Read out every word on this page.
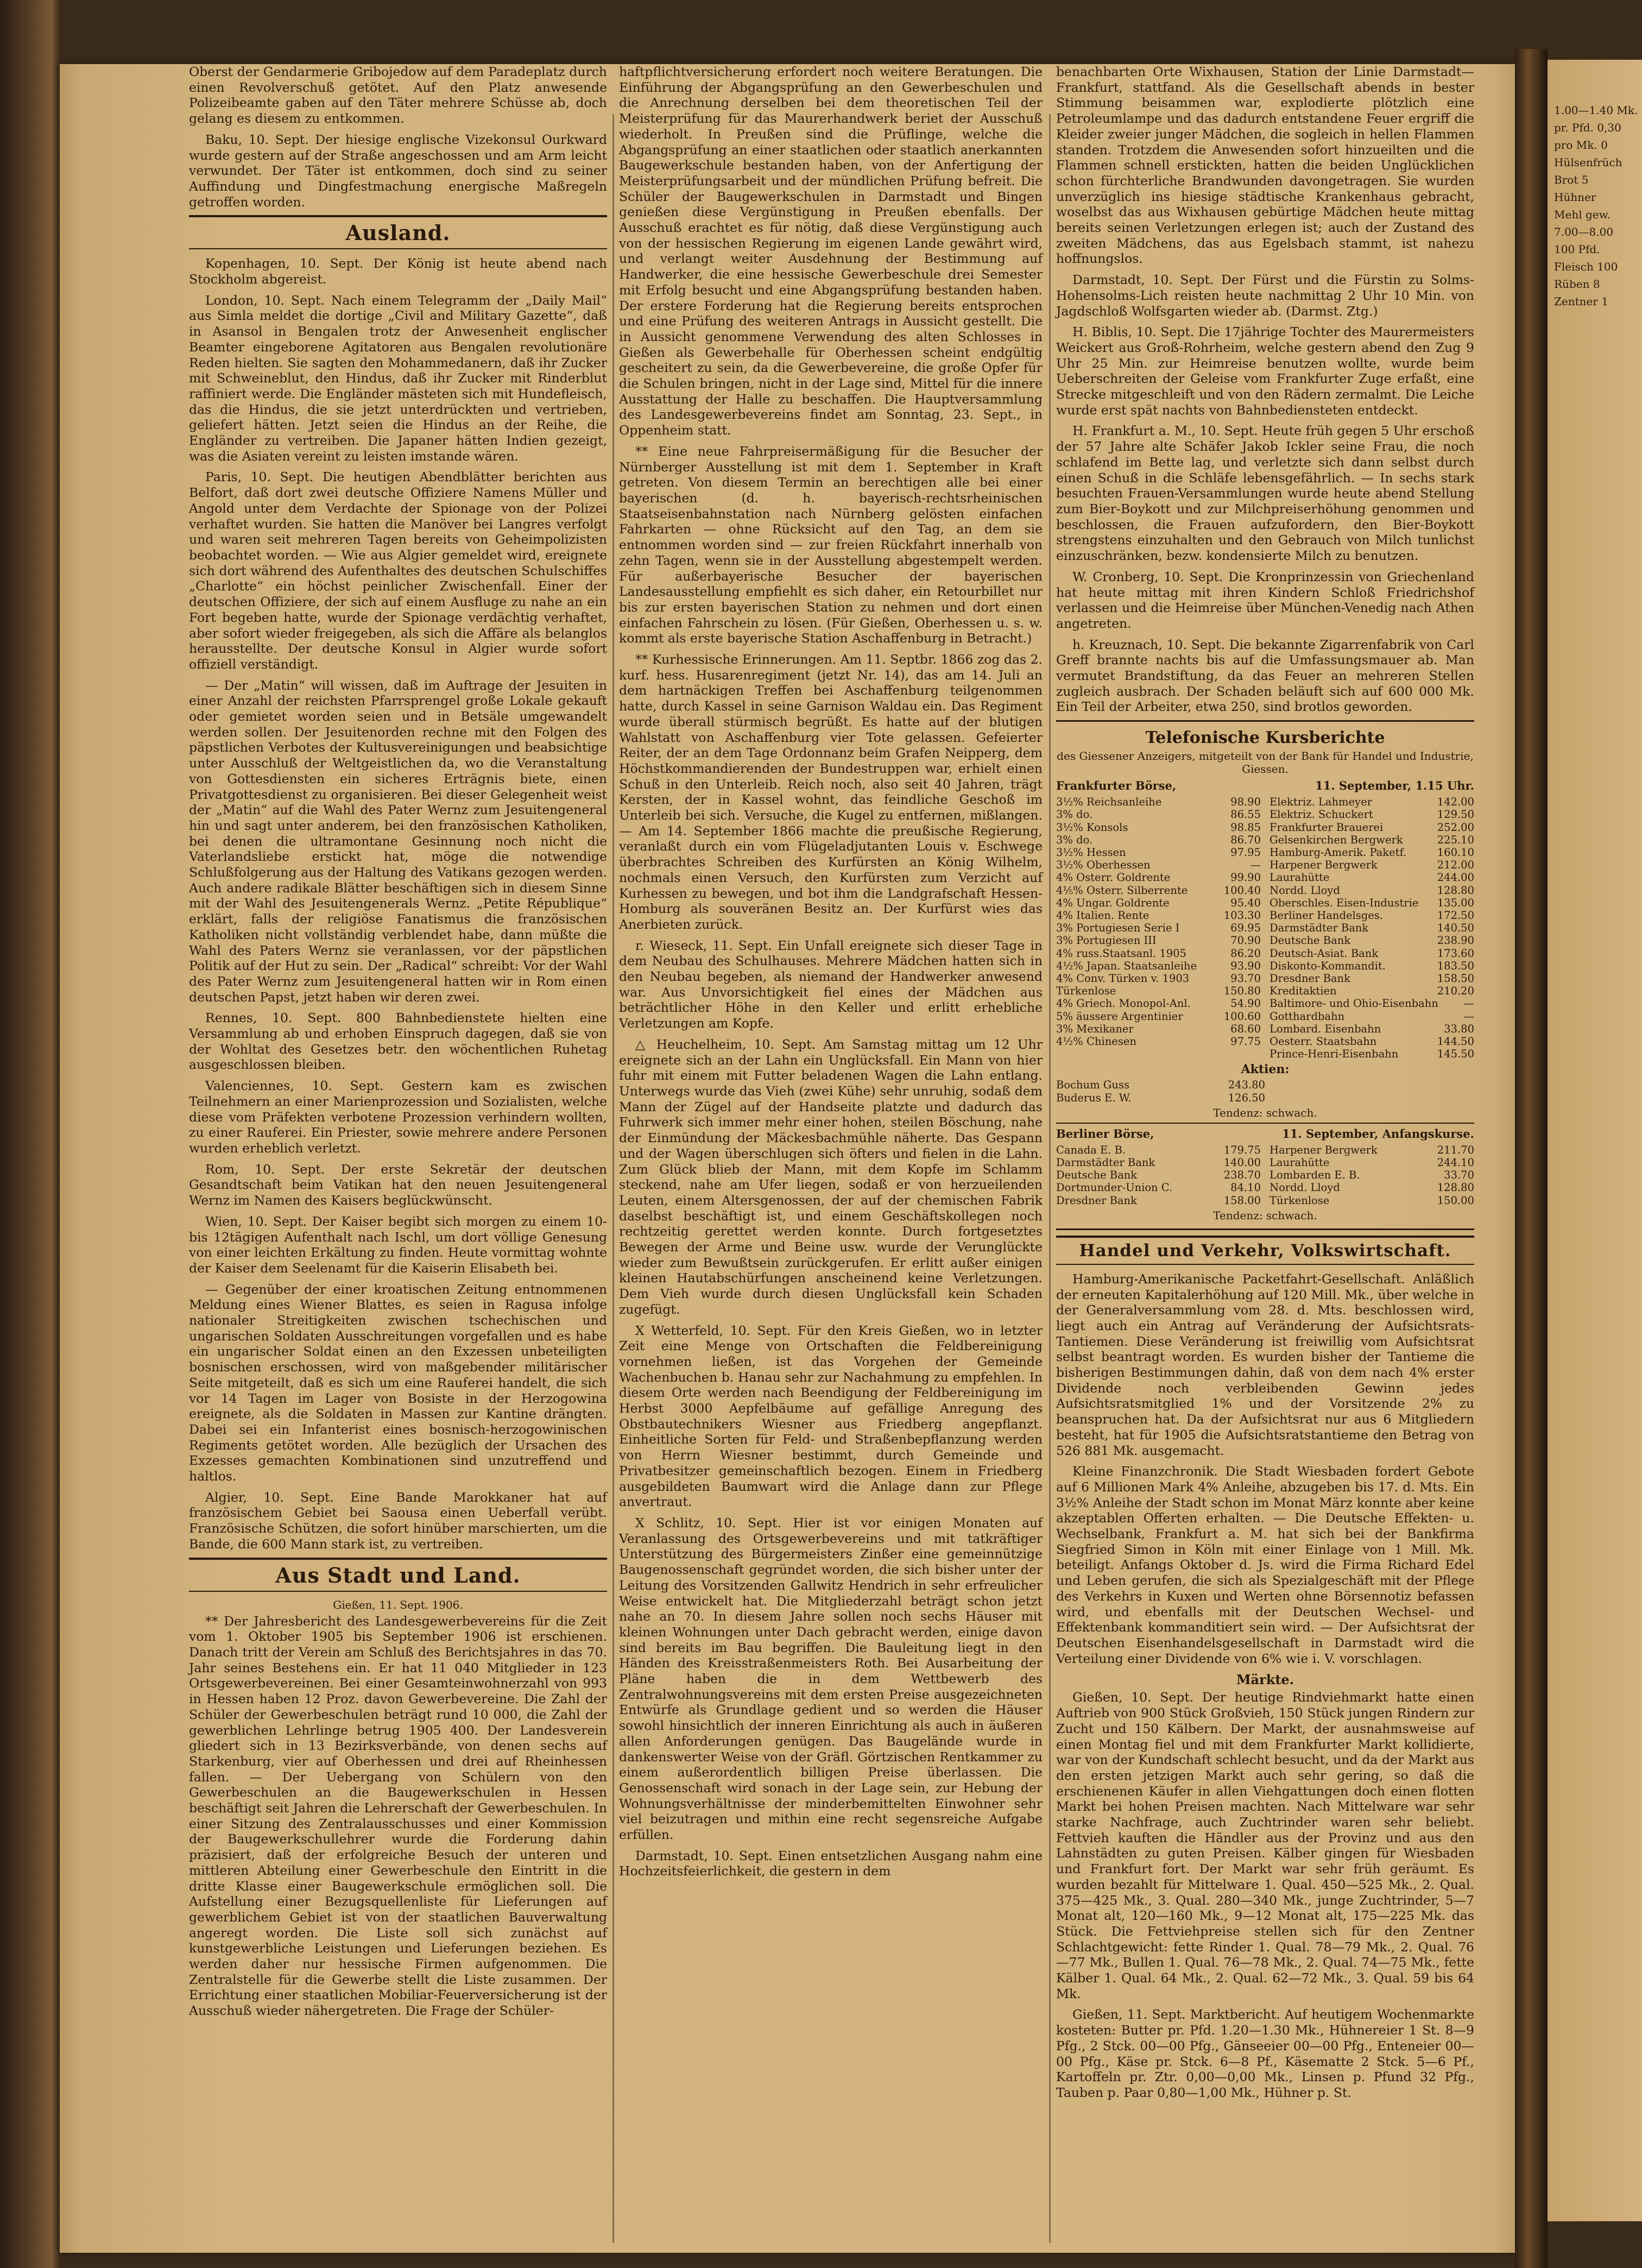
1.00—1.40 Mk.
pr. Pfd. 0,30
pro Mk. 0
Hülsenfrüch
Brot 5
Hühner
Mehl gew.
7.00—8.00
100 Pfd.
Fleisch 100
Rüben 8
Zentner 1
Oberst der Gendarmerie Gribojedow auf dem Paradeplatz durch einen Revolverschuß getötet. Auf den Platz anwesende Polizeibeamte gaben auf den Täter mehrere Schüsse ab, doch gelang es diesem zu entkommen.

Baku, 10. Sept. Der hiesige englische Vizekonsul Ourkward wurde gestern auf der Straße angeschossen und am Arm leicht verwundet. Der Täter ist entkommen, doch sind zu seiner Auffindung und Dingfestmachung energische Maßregeln getroffen worden.

Ausland.

Kopenhagen, 10. Sept. Der König ist heute abend nach Stockholm abgereist.

London, 10. Sept. Nach einem Telegramm der „Daily Mail“ aus Simla meldet die dortige „Civil and Military Gazette“, daß in Asansol in Bengalen trotz der Anwesenheit englischer Beamter eingeborene Agitatoren aus Bengalen revolutionäre Reden hielten. Sie sagten den Mohammedanern, daß ihr Zucker mit Schweineblut, den Hindus, daß ihr Zucker mit Rinderblut raffiniert werde. Die Engländer mästeten sich mit Hundefleisch, das die Hindus, die sie jetzt unterdrückten und vertrieben, geliefert hätten. Jetzt seien die Hindus an der Reihe, die Engländer zu vertreiben. Die Japaner hätten Indien gezeigt, was die Asiaten vereint zu leisten imstande wären.

Paris, 10. Sept. Die heutigen Abendblätter berichten aus Belfort, daß dort zwei deutsche Offiziere Namens Müller und Angold unter dem Verdachte der Spionage von der Polizei verhaftet wurden. Sie hatten die Manöver bei Langres verfolgt und waren seit mehreren Tagen bereits von Geheimpolizisten beobachtet worden. — Wie aus Algier gemeldet wird, ereignete sich dort während des Aufenthaltes des deutschen Schulschiffes „Charlotte“ ein höchst peinlicher Zwischenfall. Einer der deutschen Offiziere, der sich auf einem Ausfluge zu nahe an ein Fort begeben hatte, wurde der Spionage verdächtig verhaftet, aber sofort wieder freigegeben, als sich die Affäre als belanglos herausstellte. Der deutsche Konsul in Algier wurde sofort offiziell verständigt.

— Der „Matin“ will wissen, daß im Auftrage der Jesuiten in einer Anzahl der reichsten Pfarrsprengel große Lokale gekauft oder gemietet worden seien und in Betsäle umgewandelt werden sollen. Der Jesuitenorden rechne mit den Folgen des päpstlichen Verbotes der Kultusvereinigungen und beabsichtige unter Ausschluß der Weltgeistlichen da, wo die Veranstaltung von Gottesdiensten ein sicheres Erträgnis biete, einen Privatgottesdienst zu organisieren. Bei dieser Gelegenheit weist der „Matin“ auf die Wahl des Pater Wernz zum Jesuitengeneral hin und sagt unter anderem, bei den französischen Katholiken, bei denen die ultramontane Gesinnung noch nicht die Vaterlandsliebe erstickt hat, möge die notwendige Schlußfolgerung aus der Haltung des Vatikans gezogen werden. Auch andere radikale Blätter beschäftigen sich in diesem Sinne mit der Wahl des Jesuitengenerals Wernz. „Petite République“ erklärt, falls der religiöse Fanatismus die französischen Katholiken nicht vollständig verblendet habe, dann müßte die Wahl des Paters Wernz sie veranlassen, vor der päpstlichen Politik auf der Hut zu sein. Der „Radical“ schreibt: Vor der Wahl des Pater Wernz zum Jesuitengeneral hatten wir in Rom einen deutschen Papst, jetzt haben wir deren zwei.

Rennes, 10. Sept. 800 Bahnbedienstete hielten eine Versammlung ab und erhoben Einspruch dagegen, daß sie von der Wohltat des Gesetzes betr. den wöchentlichen Ruhetag ausgeschlossen bleiben.

Valenciennes, 10. Sept. Gestern kam es zwischen Teilnehmern an einer Marienprozession und Sozialisten, welche diese vom Präfekten verbotene Prozession verhindern wollten, zu einer Rauferei. Ein Priester, sowie mehrere andere Personen wurden erheblich verletzt.

Rom, 10. Sept. Der erste Sekretär der deutschen Gesandtschaft beim Vatikan hat den neuen Jesuitengeneral Wernz im Namen des Kaisers beglückwünscht.

Wien, 10. Sept. Der Kaiser begibt sich morgen zu einem 10- bis 12tägigen Aufenthalt nach Ischl, um dort völlige Genesung von einer leichten Erkältung zu finden. Heute vormittag wohnte der Kaiser dem Seelenamt für die Kaiserin Elisabeth bei.

— Gegenüber der einer kroatischen Zeitung entnommenen Meldung eines Wiener Blattes, es seien in Ragusa infolge nationaler Streitigkeiten zwischen tschechischen und ungarischen Soldaten Ausschreitungen vorgefallen und es habe ein ungarischer Soldat einen an den Exzessen unbeteiligten bosnischen erschossen, wird von maßgebender militärischer Seite mitgeteilt, daß es sich um eine Rauferei handelt, die sich vor 14 Tagen im Lager von Bosiste in der Herzogowina ereignete, als die Soldaten in Massen zur Kantine drängten. Dabei sei ein Infanterist eines bosnisch-herzogowinischen Regiments getötet worden. Alle bezüglich der Ursachen des Exzesses gemachten Kombinationen sind unzutreffend und haltlos.

Algier, 10. Sept. Eine Bande Marokkaner hat auf französischem Gebiet bei Saousa einen Ueberfall verübt. Französische Schützen, die sofort hinüber marschierten, um die Bande, die 600 Mann stark ist, zu vertreiben.

Aus Stadt und Land.
Gießen, 11. Sept. 1906.

** Der Jahresbericht des Landesgewerbevereins für die Zeit vom 1. Oktober 1905 bis September 1906 ist erschienen. Danach tritt der Verein am Schluß des Berichtsjahres in das 70. Jahr seines Bestehens ein. Er hat 11 040 Mitglieder in 123 Ortsgewerbevereinen. Bei einer Gesamteinwohnerzahl von 993 in Hessen haben 12 Proz. davon Gewerbevereine. Die Zahl der Schüler der Gewerbeschulen beträgt rund 10 000, die Zahl der gewerblichen Lehrlinge betrug 1905 400. Der Landesverein gliedert sich in 13 Bezirksverbände, von denen sechs auf Starkenburg, vier auf Oberhessen und drei auf Rheinhessen fallen. — Der Uebergang von Schülern von den Gewerbeschulen an die Baugewerkschulen in Hessen beschäftigt seit Jahren die Lehrerschaft der Gewerbeschulen. In einer Sitzung des Zentralausschusses und einer Kommission der Baugewerkschullehrer wurde die Forderung dahin präzisiert, daß der erfolgreiche Besuch der unteren und mittleren Abteilung einer Gewerbeschule den Eintritt in die dritte Klasse einer Baugewerkschule ermöglichen soll. Die Aufstellung einer Bezugsquellenliste für Lieferungen auf gewerblichem Gebiet ist von der staatlichen Bauverwaltung angeregt worden. Die Liste soll sich zunächst auf kunstgewerbliche Leistungen und Lieferungen beziehen. Es werden daher nur hessische Firmen aufgenommen. Die Zentralstelle für die Gewerbe stellt die Liste zusammen. Der Errichtung einer staatlichen Mobiliar-Feuerversicherung ist der Ausschuß wieder nähergetreten. Die Frage der Schüler-

haftpflichtversicherung erfordert noch weitere Beratungen. Die Einführung der Abgangsprüfung an den Gewerbeschulen und die Anrechnung derselben bei dem theoretischen Teil der Meisterprüfung für das Maurerhandwerk beriet der Ausschuß wiederholt. In Preußen sind die Prüflinge, welche die Abgangsprüfung an einer staatlichen oder staatlich anerkannten Baugewerkschule bestanden haben, von der Anfertigung der Meisterprüfungsarbeit und der mündlichen Prüfung befreit. Die Schüler der Baugewerkschulen in Darmstadt und Bingen genießen diese Vergünstigung in Preußen ebenfalls. Der Ausschuß erachtet es für nötig, daß diese Vergünstigung auch von der hessischen Regierung im eigenen Lande gewährt wird, und verlangt weiter Ausdehnung der Bestimmung auf Handwerker, die eine hessische Gewerbeschule drei Semester mit Erfolg besucht und eine Abgangsprüfung bestanden haben. Der erstere Forderung hat die Regierung bereits entsprochen und eine Prüfung des weiteren Antrags in Aussicht gestellt. Die in Aussicht genommene Verwendung des alten Schlosses in Gießen als Gewerbehalle für Oberhessen scheint endgültig gescheitert zu sein, da die Gewerbevereine, die große Opfer für die Schulen bringen, nicht in der Lage sind, Mittel für die innere Ausstattung der Halle zu beschaffen. Die Hauptversammlung des Landesgewerbevereins findet am Sonntag, 23. Sept., in Oppenheim statt.

** Eine neue Fahrpreisermäßigung für die Besucher der Nürnberger Ausstellung ist mit dem 1. September in Kraft getreten. Von diesem Termin an berechtigen alle bei einer bayerischen (d. h. bayerisch-rechtsrheinischen Staatseisenbahnstation nach Nürnberg gelösten einfachen Fahrkarten — ohne Rücksicht auf den Tag, an dem sie entnommen worden sind — zur freien Rückfahrt innerhalb von zehn Tagen, wenn sie in der Ausstellung abgestempelt werden. Für außerbayerische Besucher der bayerischen Landesausstellung empfiehlt es sich daher, ein Retourbillet nur bis zur ersten bayerischen Station zu nehmen und dort einen einfachen Fahrschein zu lösen. (Für Gießen, Oberhessen u. s. w. kommt als erste bayerische Station Aschaffenburg in Betracht.)

** Kurhessische Erinnerungen. Am 11. Septbr. 1866 zog das 2. kurf. hess. Husarenregiment (jetzt Nr. 14), das am 14. Juli an dem hartnäckigen Treffen bei Aschaffenburg teilgenommen hatte, durch Kassel in seine Garnison Waldau ein. Das Regiment wurde überall stürmisch begrüßt. Es hatte auf der blutigen Wahlstatt von Aschaffenburg vier Tote gelassen. Gefeierter Reiter, der an dem Tage Ordonnanz beim Grafen Neipperg, dem Höchstkommandierenden der Bundestruppen war, erhielt einen Schuß in den Unterleib. Reich noch, also seit 40 Jahren, trägt Kersten, der in Kassel wohnt, das feindliche Geschoß im Unterleib bei sich. Versuche, die Kugel zu entfernen, mißlangen. — Am 14. September 1866 machte die preußische Regierung, veranlaßt durch ein vom Flügeladjutanten Louis v. Eschwege überbrachtes Schreiben des Kurfürsten an König Wilhelm, nochmals einen Versuch, den Kurfürsten zum Verzicht auf Kurhessen zu bewegen, und bot ihm die Landgrafschaft Hessen-Homburg als souveränen Besitz an. Der Kurfürst wies das Anerbieten zurück.

r. Wieseck, 11. Sept. Ein Unfall ereignete sich dieser Tage in dem Neubau des Schulhauses. Mehrere Mädchen hatten sich in den Neubau begeben, als niemand der Handwerker anwesend war. Aus Unvorsichtigkeit fiel eines der Mädchen aus beträchtlicher Höhe in den Keller und erlitt erhebliche Verletzungen am Kopfe.

△ Heuchelheim, 10. Sept. Am Samstag mittag um 12 Uhr ereignete sich an der Lahn ein Unglücksfall. Ein Mann von hier fuhr mit einem mit Futter beladenen Wagen die Lahn entlang. Unterwegs wurde das Vieh (zwei Kühe) sehr unruhig, sodaß dem Mann der Zügel auf der Handseite platzte und dadurch das Fuhrwerk sich immer mehr einer hohen, steilen Böschung, nahe der Einmündung der Mäckesbachmühle näherte. Das Gespann und der Wagen überschlugen sich öfters und fielen in die Lahn. Zum Glück blieb der Mann, mit dem Kopfe im Schlamm steckend, nahe am Ufer liegen, sodaß er von herzueilenden Leuten, einem Altersgenossen, der auf der chemischen Fabrik daselbst beschäftigt ist, und einem Geschäftskollegen noch rechtzeitig gerettet werden konnte. Durch fortgesetztes Bewegen der Arme und Beine usw. wurde der Verunglückte wieder zum Bewußtsein zurückgerufen. Er erlitt außer einigen kleinen Hautabschürfungen anscheinend keine Verletzungen. Dem Vieh wurde durch diesen Unglücksfall kein Schaden zugefügt.

X Wetterfeld, 10. Sept. Für den Kreis Gießen, wo in letzter Zeit eine Menge von Ortschaften die Feldbereinigung vornehmen ließen, ist das Vorgehen der Gemeinde Wachenbuchen b. Hanau sehr zur Nachahmung zu empfehlen. In diesem Orte werden nach Beendigung der Feldbereinigung im Herbst 3000 Aepfelbäume auf gefällige Anregung des Obstbautechnikers Wiesner aus Friedberg angepflanzt. Einheitliche Sorten für Feld- und Straßenbepflanzung werden von Herrn Wiesner bestimmt, durch Gemeinde und Privatbesitzer gemeinschaftlich bezogen. Einem in Friedberg ausgebildeten Baumwart wird die Anlage dann zur Pflege anvertraut.

X Schlitz, 10. Sept. Hier ist vor einigen Monaten auf Veranlassung des Ortsgewerbevereins und mit tatkräftiger Unterstützung des Bürgermeisters Zinßer eine gemeinnützige Baugenossenschaft gegründet worden, die sich bisher unter der Leitung des Vorsitzenden Gallwitz Hendrich in sehr erfreulicher Weise entwickelt hat. Die Mitgliederzahl beträgt schon jetzt nahe an 70. In diesem Jahre sollen noch sechs Häuser mit kleinen Wohnungen unter Dach gebracht werden, einige davon sind bereits im Bau begriffen. Die Bauleitung liegt in den Händen des Kreisstraßenmeisters Roth. Bei Ausarbeitung der Pläne haben die in dem Wettbewerb des Zentralwohnungsvereins mit dem ersten Preise ausgezeichneten Entwürfe als Grundlage gedient und so werden die Häuser sowohl hinsichtlich der inneren Einrichtung als auch in äußeren allen Anforderungen genügen. Das Baugelände wurde in dankenswerter Weise von der Gräfl. Görtzischen Rentkammer zu einem außerordentlich billigen Preise überlassen. Die Genossenschaft wird sonach in der Lage sein, zur Hebung der Wohnungsverhältnisse der minderbemittelten Einwohner sehr viel beizutragen und mithin eine recht segensreiche Aufgabe erfüllen.

Darmstadt, 10. Sept. Einen entsetzlichen Ausgang nahm eine Hochzeitsfeierlichkeit, die gestern in dem

benachbarten Orte Wixhausen, Station der Linie Darmstadt—Frankfurt, stattfand. Als die Gesellschaft abends in bester Stimmung beisammen war, explodierte plötzlich eine Petroleumlampe und das dadurch entstandene Feuer ergriff die Kleider zweier junger Mädchen, die sogleich in hellen Flammen standen. Trotzdem die Anwesenden sofort hinzueilten und die Flammen schnell erstickten, hatten die beiden Unglücklichen schon fürchterliche Brandwunden davongetragen. Sie wurden unverzüglich ins hiesige städtische Krankenhaus gebracht, woselbst das aus Wixhausen gebürtige Mädchen heute mittag bereits seinen Verletzungen erlegen ist; auch der Zustand des zweiten Mädchens, das aus Egelsbach stammt, ist nahezu hoffnungslos.

Darmstadt, 10. Sept. Der Fürst und die Fürstin zu Solms-Hohensolms-Lich reisten heute nachmittag 2 Uhr 10 Min. von Jagdschloß Wolfsgarten wieder ab. (Darmst. Ztg.)

H. Biblis, 10. Sept. Die 17jährige Tochter des Maurermeisters Weickert aus Groß-Rohrheim, welche gestern abend den Zug 9 Uhr 25 Min. zur Heimreise benutzen wollte, wurde beim Ueberschreiten der Geleise vom Frankfurter Zuge erfaßt, eine Strecke mitgeschleift und von den Rädern zermalmt. Die Leiche wurde erst spät nachts von Bahnbediensteten entdeckt.

H. Frankfurt a. M., 10. Sept. Heute früh gegen 5 Uhr erschoß der 57 Jahre alte Schäfer Jakob Ickler seine Frau, die noch schlafend im Bette lag, und verletzte sich dann selbst durch einen Schuß in die Schläfe lebensgefährlich. — In sechs stark besuchten Frauen-Versammlungen wurde heute abend Stellung zum Bier-Boykott und zur Milchpreiserhöhung genommen und beschlossen, die Frauen aufzufordern, den Bier-Boykott strengstens einzuhalten und den Gebrauch von Milch tunlichst einzuschränken, bezw. kondensierte Milch zu benutzen.

W. Cronberg, 10. Sept. Die Kronprinzessin von Griechenland hat heute mittag mit ihren Kindern Schloß Friedrichshof verlassen und die Heimreise über München-Venedig nach Athen angetreten.

h. Kreuznach, 10. Sept. Die bekannte Zigarrenfabrik von Carl Greff brannte nachts bis auf die Umfassungsmauer ab. Man vermutet Brandstiftung, da das Feuer an mehreren Stellen zugleich ausbrach. Der Schaden beläuft sich auf 600 000 Mk. Ein Teil der Arbeiter, etwa 250, sind brotlos geworden.

Telefonische Kursberichte
des Giessener Anzeigers, mitgeteilt von der Bank für Handel und Industrie, Giessen.
Frankfurter Börse,	11. September, 1.15 Uhr.
3½% Reichsanleihe	98.90
3% do.	86.55
3½% Konsols	98.85
3% do.	86.70
3½% Hessen	97.95
3½% Oberhessen	—
4% Osterr. Goldrente	99.90
4⅕% Osterr. Silberrente	100.40
4% Ungar. Goldrente	95.40
4% Italien. Rente	103.30
3% Portugiesen Serie I	69.95
3% Portugiesen III	70.90
4% russ.Staatsanl. 1905	86.20
4½% Japan. Staatsanleihe	93.90
4% Conv. Türken v. 1903	93.70
Türkenlose	150.80
4% Griech. Monopol-Anl.	54.90
5% äussere Argentinier	100.60
3% Mexikaner	68.60
4½% Chinesen	97.75
Elektriz. Lahmeyer	142.00
Elektriz. Schuckert	129.50
Frankfurter Brauerei	252.00
Gelsenkirchen Bergwerk	225.10
Hamburg-Amerik. Paketf.	160.10
Harpener Bergwerk	212.00
Laurahütte	244.00
Nordd. Lloyd	128.80
Oberschles. Eisen-Industrie 135.00
Berliner Handelsges.	172.50
Darmstädter Bank	140.50
Deutsche Bank	238.90
Deutsch-Asiat. Bank	173.60
Diskonto-Kommandit.	183.50
Dresdner Bank	158.50
Kreditaktien	210.20
Baltimore- und Ohio-Eisenbahn —
Gotthardbahn	—
Lombard. Eisenbahn	33.80
Oesterr. Staatsbahn	144.50
Prince-Henri-Eisenbahn	145.50
Aktien:
Bochum Guss	243.80
Buderus E. W.	126.50
Tendenz: schwach.
Berliner Börse,	11. September, Anfangskurse.
Canada E. B.	179.75
Darmstädter Bank	140.00
Deutsche Bank	238.70
Dortmunder-Union C.	84.10
Dresdner Bank	158.00
Harpener Bergwerk	211.70
Laurahütte	244.10
Lombarden E. B.	33.70
Nordd. Lloyd	128.80
Türkenlose	150.00
Tendenz: schwach.
Handel und Verkehr, Volkswirtschaft.

Hamburg-Amerikanische Packetfahrt-Gesellschaft. Anläßlich der erneuten Kapitalerhöhung auf 120 Mill. Mk., über welche in der Generalversammlung vom 28. d. Mts. beschlossen wird, liegt auch ein Antrag auf Veränderung der Aufsichtsrats-Tantiemen. Diese Veränderung ist freiwillig vom Aufsichtsrat selbst beantragt worden. Es wurden bisher der Tantieme die bisherigen Bestimmungen dahin, daß von dem nach 4% erster Dividende noch verbleibenden Gewinn jedes Aufsichtsratsmitglied 1% und der Vorsitzende 2% zu beanspruchen hat. Da der Aufsichtsrat nur aus 6 Mitgliedern besteht, hat für 1905 die Aufsichtsratstantieme den Betrag von 526 881 Mk. ausgemacht.

Kleine Finanzchronik. Die Stadt Wiesbaden fordert Gebote auf 6 Millionen Mark 4% Anleihe, abzugeben bis 17. d. Mts. Ein 3½% Anleihe der Stadt schon im Monat März konnte aber keine akzeptablen Offerten erhalten. — Die Deutsche Effekten- u. Wechselbank, Frankfurt a. M. hat sich bei der Bankfirma Siegfried Simon in Köln mit einer Einlage von 1 Mill. Mk. beteiligt. Anfangs Oktober d. Js. wird die Firma Richard Edel und Leben gerufen, die sich als Spezialgeschäft mit der Pflege des Verkehrs in Kuxen und Werten ohne Börsennotiz befassen wird, und ebenfalls mit der Deutschen Wechsel- und Effektenbank kommanditiert sein wird. — Der Aufsichtsrat der Deutschen Eisenhandelsgesellschaft in Darmstadt wird die Verteilung einer Dividende von 6% wie i. V. vorschlagen.

Märkte.

Gießen, 10. Sept. Der heutige Rindviehmarkt hatte einen Auftrieb von 900 Stück Großvieh, 150 Stück jungen Rindern zur Zucht und 150 Kälbern. Der Markt, der ausnahmsweise auf einen Montag fiel und mit dem Frankfurter Markt kollidierte, war von der Kundschaft schlecht besucht, und da der Markt aus den ersten jetzigen Markt auch sehr gering, so daß die erschienenen Käufer in allen Viehgattungen doch einen flotten Markt bei hohen Preisen machten. Nach Mittelware war sehr starke Nachfrage, auch Zuchtrinder waren sehr beliebt. Fettvieh kauften die Händler aus der Provinz und aus den Lahnstädten zu guten Preisen. Kälber gingen für Wiesbaden und Frankfurt fort. Der Markt war sehr früh geräumt. Es wurden bezahlt für Mittelware 1. Qual. 450—525 Mk., 2. Qual. 375—425 Mk., 3. Qual. 280—340 Mk., junge Zuchtrinder, 5—7 Monat alt, 120—160 Mk., 9—12 Monat alt, 175—225 Mk. das Stück. Die Fettviehpreise stellen sich für den Zentner Schlachtgewicht: fette Rinder 1. Qual. 78—79 Mk., 2. Qual. 76—77 Mk., Bullen 1. Qual. 76—78 Mk., 2. Qual. 74—75 Mk., fette Kälber 1. Qual. 64 Mk., 2. Qual. 62—72 Mk., 3. Qual. 59 bis 64 Mk.

Gießen, 11. Sept. Marktbericht. Auf heutigem Wochenmarkte kosteten: Butter pr. Pfd. 1.20—1.30 Mk., Hühnereier 1 St. 8—9 Pfg., 2 Stck. 00—00 Pfg., Gänseeier 00—00 Pfg., Enteneier 00—00 Pfg., Käse pr. Stck. 6—8 Pf., Käsematte 2 Stck. 5—6 Pf., Kartoffeln pr. Ztr. 0,00—0,00 Mk., Linsen p. Pfund 32 Pfg., Tauben p. Paar 0,80—1,00 Mk., Hühner p. St.
